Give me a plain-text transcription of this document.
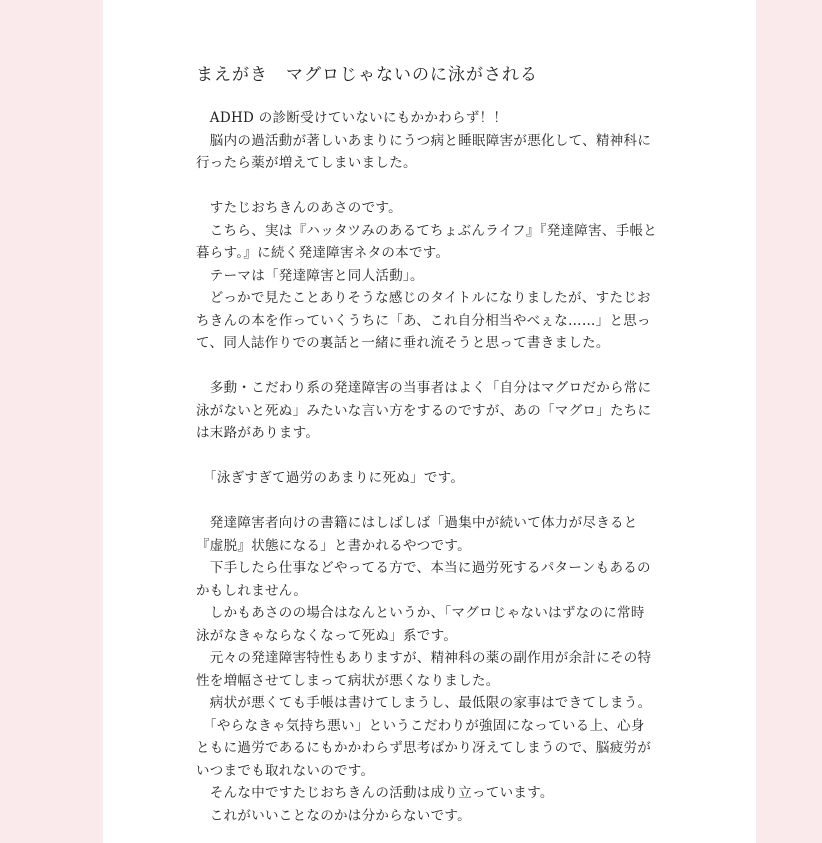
まえがき　マグロじゃないのに泳がされる
　ADHD の診断受けていないにもかかわらず！！
　脳内の過活動が著しいあまりにうつ病と睡眠障害が悪化して、精神科に
行ったら薬が増えてしまいました。
　すたじおちきんのあさのです。
　こちら、実は『ハッタツみのあるてちょぶんライフ』『発達障害、手帳と
暮らす。』に続く発達障害ネタの本です。
　テーマは「発達障害と同人活動」。
　どっかで見たことありそうな感じのタイトルになりましたが、すたじお
ちきんの本を作っていくうちに「あ、これ自分相当やべぇな……」と思っ
て、同人誌作りでの裏話と一緒に垂れ流そうと思って書きました。
　多動・こだわり系の発達障害の当事者はよく「自分はマグロだから常に
泳がないと死ぬ」みたいな言い方をするのですが、あの「マグロ」たちに
は末路があります。
　「泳ぎすぎて過労のあまりに死ぬ」です。
　発達障害者向けの書籍にはしばしば「過集中が続いて体力が尽きると
『虚脱』状態になる」と書かれるやつです。
　下手したら仕事などやってる方で、本当に過労死するパターンもあるの
かもしれません。
　しかもあさのの場合はなんというか、「マグロじゃないはずなのに常時
泳がなきゃならなくなって死ぬ」系です。
　元々の発達障害特性もありますが、精神科の薬の副作用が余計にその特
性を増幅させてしまって病状が悪くなりました。
　病状が悪くても手帳は書けてしまうし、最低限の家事はできてしまう。
　「やらなきゃ気持ち悪い」というこだわりが強固になっている上、心身
ともに過労であるにもかかわらず思考ばかり冴えてしまうので、脳疲労が
いつまでも取れないのです。
　そんな中ですたじおちきんの活動は成り立っています。
　これがいいことなのかは分からないです。
